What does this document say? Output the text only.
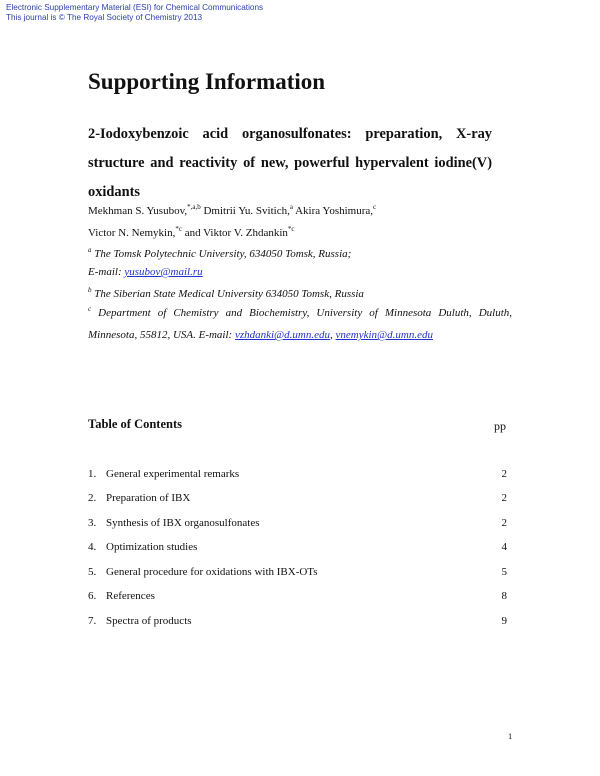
Electronic Supplementary Material (ESI) for Chemical Communications
This journal is © The Royal Society of Chemistry 2013
Supporting Information
2-Iodoxybenzoic acid organosulfonates: preparation, X-ray structure and reactivity of new, powerful hypervalent iodine(V) oxidants
Mekhman S. Yusubov,$^{*,a,b}$ Dmitrii Yu. Svitich,$^a$ Akira Yoshimura,$^c$
Victor N. Nemykin,$^{*c}$ and Viktor V. Zhdankin$^{*c}$
$^a$ The Tomsk Polytechnic University, 634050 Tomsk, Russia;
E-mail: yusubov@mail.ru
$^b$ The Siberian State Medical University 634050 Tomsk, Russia
$^c$ Department of Chemistry and Biochemistry, University of Minnesota Duluth, Duluth,
Minnesota, 55812, USA. E-mail: vzhdanki@d.umn.edu, vnemykin@d.umn.edu
Table of Contents	pp
1. General experimental remarks	2
2. Preparation of IBX	2
3. Synthesis of IBX organosulfonates	2
4. Optimization studies	4
5. General procedure for oxidations with IBX-OTs	5
6. References	8
7. Spectra of products	9
1
